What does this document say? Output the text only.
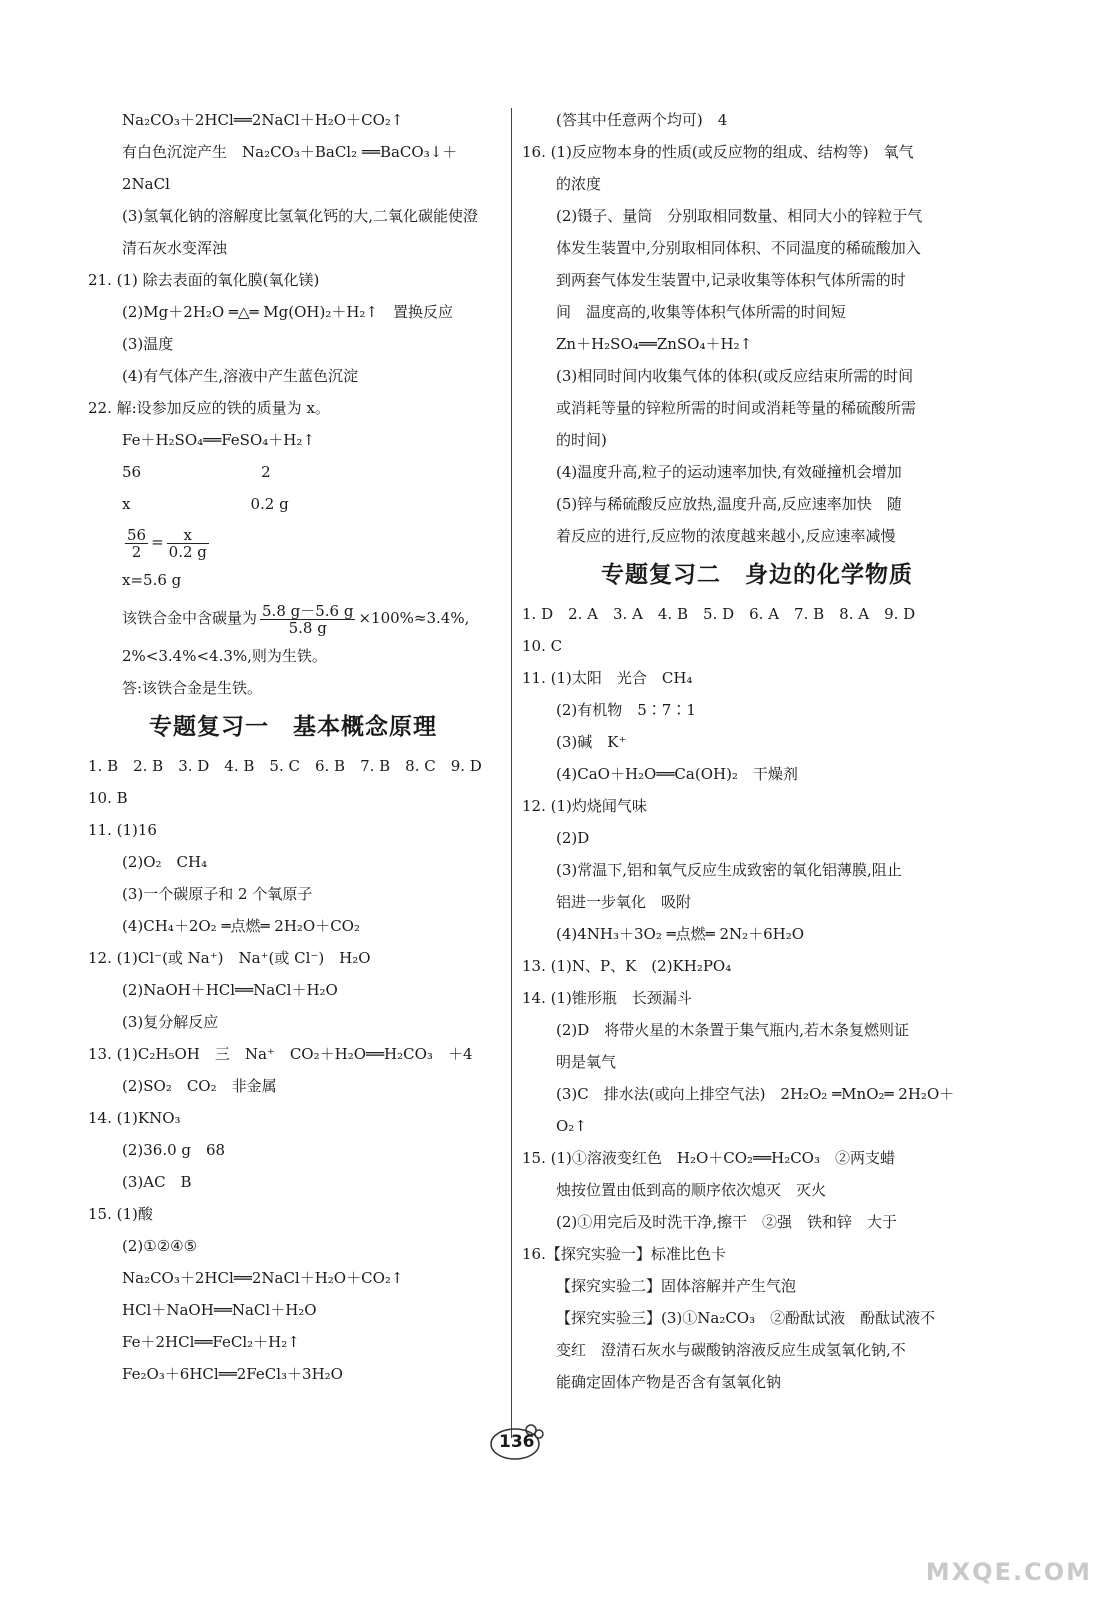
Na₂CO₃＋2HCl══2NaCl＋H₂O＋CO₂↑
有白色沉淀产生　Na₂CO₃＋BaCl₂ ══BaCO₃↓＋
2NaCl
(3)氢氧化钠的溶解度比氢氧化钙的大,二氧化碳能使澄
清石灰水变浑浊
21. (1) 除去表面的氧化膜(氧化镁)
(2)Mg＋2H₂O ═△═ Mg(OH)₂＋H₂↑　置换反应
(3)温度
(4)有气体产生,溶液中产生蓝色沉淀
22. 解:设参加反应的铁的质量为 x。
Fe＋H₂SO₄══FeSO₄＋H₂↑
56　　　　　　　　2
x　　　　　　　　0.2 g
$\frac{56}{2} = \frac{x}{0.2 g}$
x=5.6 g
该铁合金中含碳量为 $\frac{5.8 g-5.6 g}{5.8 g} \times 100\%\approx 3.4\%$,
2%<3.4%<4.3%,则为生铁。
答:该铁合金是生铁。
专题复习一　基本概念原理
1. B　2. B　3. D　4. B　5. C　6. B　7. B　8. C　9. D
10. B
11. (1)16
(2)O₂　CH₄
(3)一个碳原子和 2 个氧原子
(4)CH₄＋2O₂ ═点燃═ 2H₂O＋CO₂
12. (1)Cl⁻(或 Na⁺)　Na⁺(或 Cl⁻)　H₂O
(2)NaOH＋HCl══NaCl＋H₂O
(3)复分解反应
13. (1)C₂H₅OH　三　Na⁺　CO₂＋H₂O══H₂CO₃　＋4
(2)SO₂　CO₂　非金属
14. (1)KNO₃
(2)36.0 g　68
(3)AC　B
15. (1)酸
(2)①②④⑤
Na₂CO₃＋2HCl══2NaCl＋H₂O＋CO₂↑
HCl＋NaOH══NaCl＋H₂O
Fe＋2HCl══FeCl₂＋H₂↑
Fe₂O₃＋6HCl══2FeCl₃＋3H₂O
(答其中任意两个均可)　4
16. (1)反应物本身的性质(或反应物的组成、结构等)　氧气
的浓度
(2)镊子、量筒　分别取相同数量、相同大小的锌粒于气
体发生装置中,分别取相同体积、不同温度的稀硫酸加入
到两套气体发生装置中,记录收集等体积气体所需的时
间　温度高的,收集等体积气体所需的时间短
Zn＋H₂SO₄══ZnSO₄＋H₂↑
(3)相同时间内收集气体的体积(或反应结束所需的时间
或消耗等量的锌粒所需的时间或消耗等量的稀硫酸所需
的时间)
(4)温度升高,粒子的运动速率加快,有效碰撞机会增加
(5)锌与稀硫酸反应放热,温度升高,反应速率加快　随
着反应的进行,反应物的浓度越来越小,反应速率减慢
专题复习二　身边的化学物质
1. D　2. A　3. A　4. B　5. D　6. A　7. B　8. A　9. D
10. C
11. (1)太阳　光合　CH₄
(2)有机物　5∶7∶1
(3)碱　K⁺
(4)CaO＋H₂O══Ca(OH)₂　干燥剂
12. (1)灼烧闻气味
(2)D
(3)常温下,铝和氧气反应生成致密的氧化铝薄膜,阻止
铝进一步氧化　吸附
(4)4NH₃＋3O₂ ═点燃═ 2N₂＋6H₂O
13. (1)N、P、K　(2)KH₂PO₄
14. (1)锥形瓶　长颈漏斗
(2)D　将带火星的木条置于集气瓶内,若木条复燃则证
明是氧气
(3)C　排水法(或向上排空气法)　2H₂O₂ ═MnO₂═ 2H₂O＋
O₂↑
15. (1)①溶液变红色　H₂O＋CO₂══H₂CO₃　②两支蜡
烛按位置由低到高的顺序依次熄灭　灭火
(2)①用完后及时洗干净,擦干　②强　铁和锌　大于
16.【探究实验一】标准比色卡
【探究实验二】固体溶解并产生气泡
【探究实验三】(3)①Na₂CO₃　②酚酞试液　酚酞试液不
变红　澄清石灰水与碳酸钠溶液反应生成氢氧化钠,不
能确定固体产物是否含有氢氧化钠
136
MXQE.COM
